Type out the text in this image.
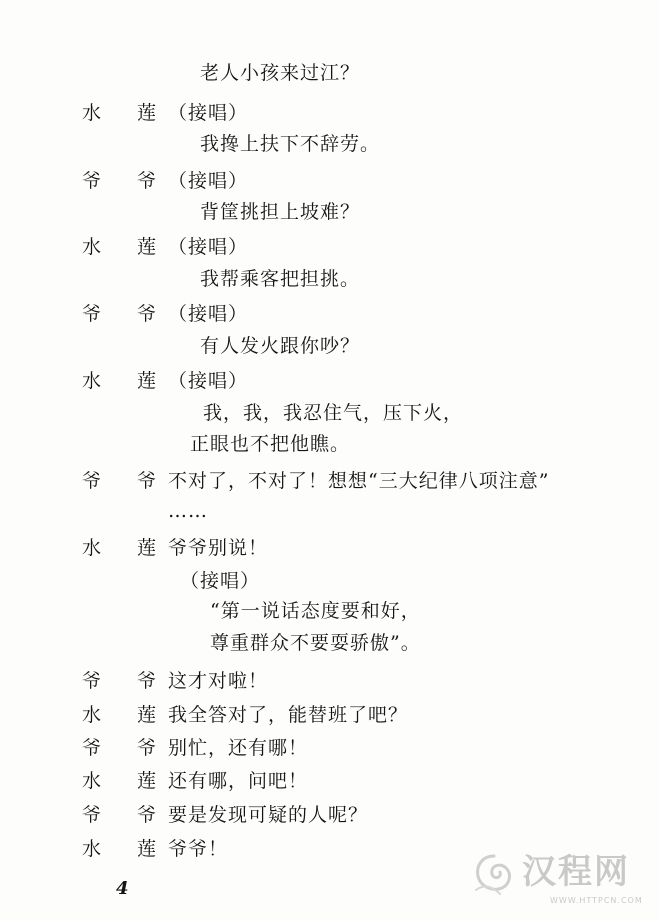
老人小孩来过江？
水 莲 （接唱）
我搀上扶下不辞劳。
爷 爷 （接唱）
背筐挑担上坡难？
水 莲 （接唱）
我帮乘客把担挑。
爷 爷 （接唱）
有人发火跟你吵？
水 莲 （接唱）
我，我，我忍住气，压下火，
正眼也不把他瞧。
爷 爷 不对了，不对了！想想“三大纪律八项注意”
……
水 莲 爷爷别说！
（接唱）
“第一说话态度要和好，
尊重群众不要耍骄傲”。
爷 爷 这才对啦！
水 莲 我全答对了，能替班了吧？
爷 爷 别忙，还有哪！
水 莲 还有哪，问吧！
爷 爷 要是发现可疑的人呢？
水 莲 爷爷！
4	汉程网
WWW.HTTPCN.COM
